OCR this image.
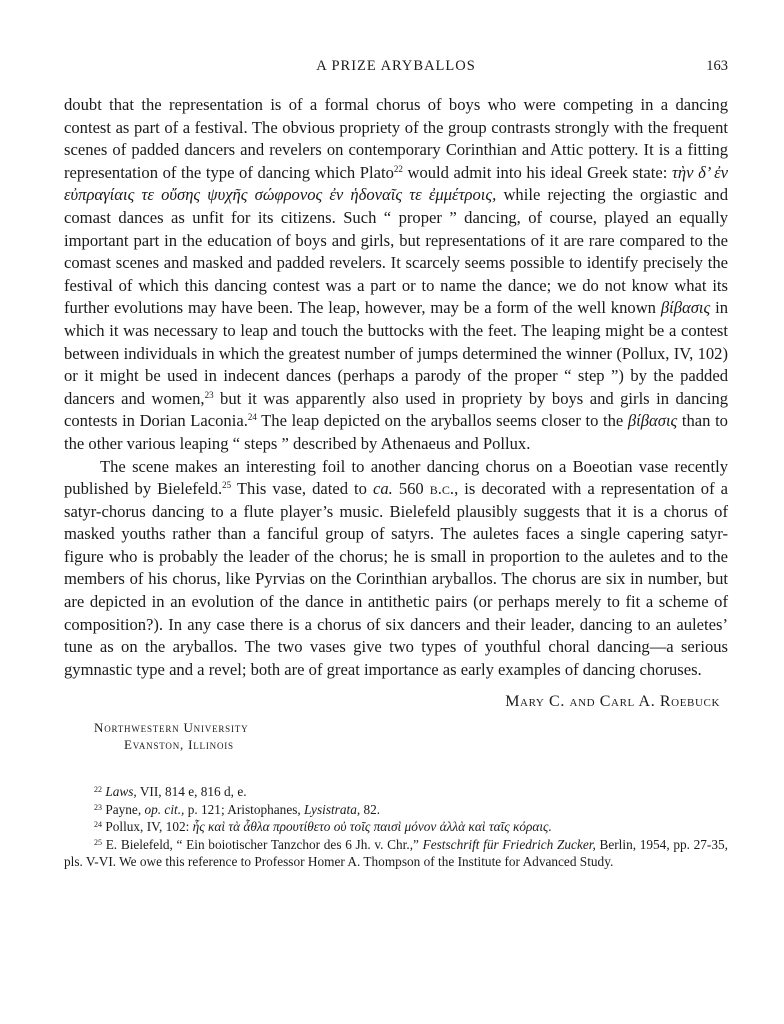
A PRIZE ARYBALLOS	163

doubt that the representation is of a formal chorus of boys who were competing in a dancing contest as part of a festival. The obvious propriety of the group contrasts strongly with the frequent scenes of padded dancers and revelers on contemporary Corinthian and Attic pottery. It is a fitting representation of the type of dancing which Plato$^{22}$ would admit into his ideal Greek state: τὴν δ’ ἐν εὐπραγίαις τε οὔσης ψυχῆς σώφρονος ἐν ἡδοναῖς τε ἐμμέτροις, while rejecting the orgiastic and comast dances as unfit for its citizens. Such “ proper ” dancing, of course, played an equally important part in the education of boys and girls, but representations of it are rare compared to the comast scenes and masked and padded revelers. It scarcely seems possible to identify precisely the festival of which this dancing contest was a part or to name the dance; we do not know what its further evolutions may have been. The leap, however, may be a form of the well known βίβασις in which it was necessary to leap and touch the buttocks with the feet. The leaping might be a contest between individuals in which the greatest number of jumps determined the winner (Pollux, IV, 102) or it might be used in indecent dances (perhaps a parody of the proper “ step ”) by the padded dancers and women,$^{23}$ but it was apparently also used in propriety by boys and girls in dancing contests in Dorian Laconia.$^{24}$ The leap depicted on the aryballos seems closer to the βίβασις than to the other various leaping “ steps ” described by Athenaeus and Pollux.

The scene makes an interesting foil to another dancing chorus on a Boeotian vase recently published by Bielefeld.$^{25}$ This vase, dated to ca. 560 b.c., is decorated with a representation of a satyr-chorus dancing to a flute player’s music. Bielefeld plausibly suggests that it is a chorus of masked youths rather than a fanciful group of satyrs. The auletes faces a single capering satyr-figure who is probably the leader of the chorus; he is small in proportion to the auletes and to the members of his chorus, like Pyrvias on the Corinthian aryballos. The chorus are six in number, but are depicted in an evolution of the dance in antithetic pairs (or perhaps merely to fit a scheme of composition?). In any case there is a chorus of six dancers and their leader, dancing to an auletes’ tune as on the aryballos. The two vases give two types of youthful choral dancing—a serious gymnastic type and a revel; both are of great importance as early examples of dancing choruses.

Mary C. and Carl A. Roebuck
Northwestern University
Evanston, Illinois

$^{22}$ Laws, VII, 814 e, 816 d, e.

$^{23}$ Payne, op. cit., p. 121; Aristophanes, Lysistrata, 82.

$^{24}$ Pollux, IV, 102: ἧς καὶ τὰ ἆθλα προυτίθετο οὐ τοῖς παισὶ μόνον ἀλλὰ καὶ ταῖς κόραις.

$^{25}$ E. Bielefeld, “ Ein boiotischer Tanzchor des 6 Jh. v. Chr.,” Festschrift für Friedrich Zucker, Berlin, 1954, pp. 27-35, pls. V-VI. We owe this reference to Professor Homer A. Thompson of the Institute for Advanced Study.
